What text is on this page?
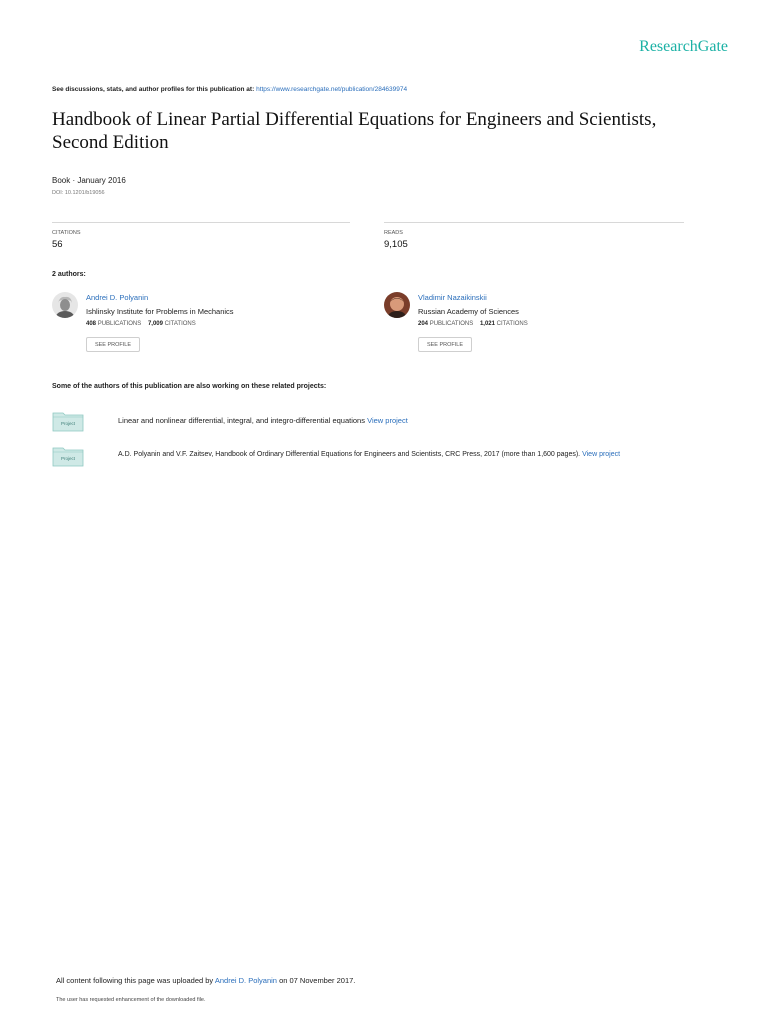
ResearchGate
See discussions, stats, and author profiles for this publication at: https://www.researchgate.net/publication/284639974
Handbook of Linear Partial Differential Equations for Engineers and Scientists, Second Edition
Book · January 2016
DOI: 10.1201/b19056
CITATIONS
56
READS
9,105
2 authors:
Andrei D. Polyanin
Ishlinsky Institute for Problems in Mechanics
408 PUBLICATIONS 7,009 CITATIONS
SEE PROFILE
Vladimir Nazaikinskii
Russian Academy of Sciences
204 PUBLICATIONS 1,021 CITATIONS
SEE PROFILE
Some of the authors of this publication are also working on these related projects:
Project	Linear and nonlinear differential, integral, and integro-differential equations View project
Project
A.D. Polyanin and V.F. Zaitsev, Handbook of Ordinary Differential Equations for Engineers and Scientists, CRC Press, 2017 (more than 1,600 pages). View project
All content following this page was uploaded by Andrei D. Polyanin on 07 November 2017.
The user has requested enhancement of the downloaded file.
